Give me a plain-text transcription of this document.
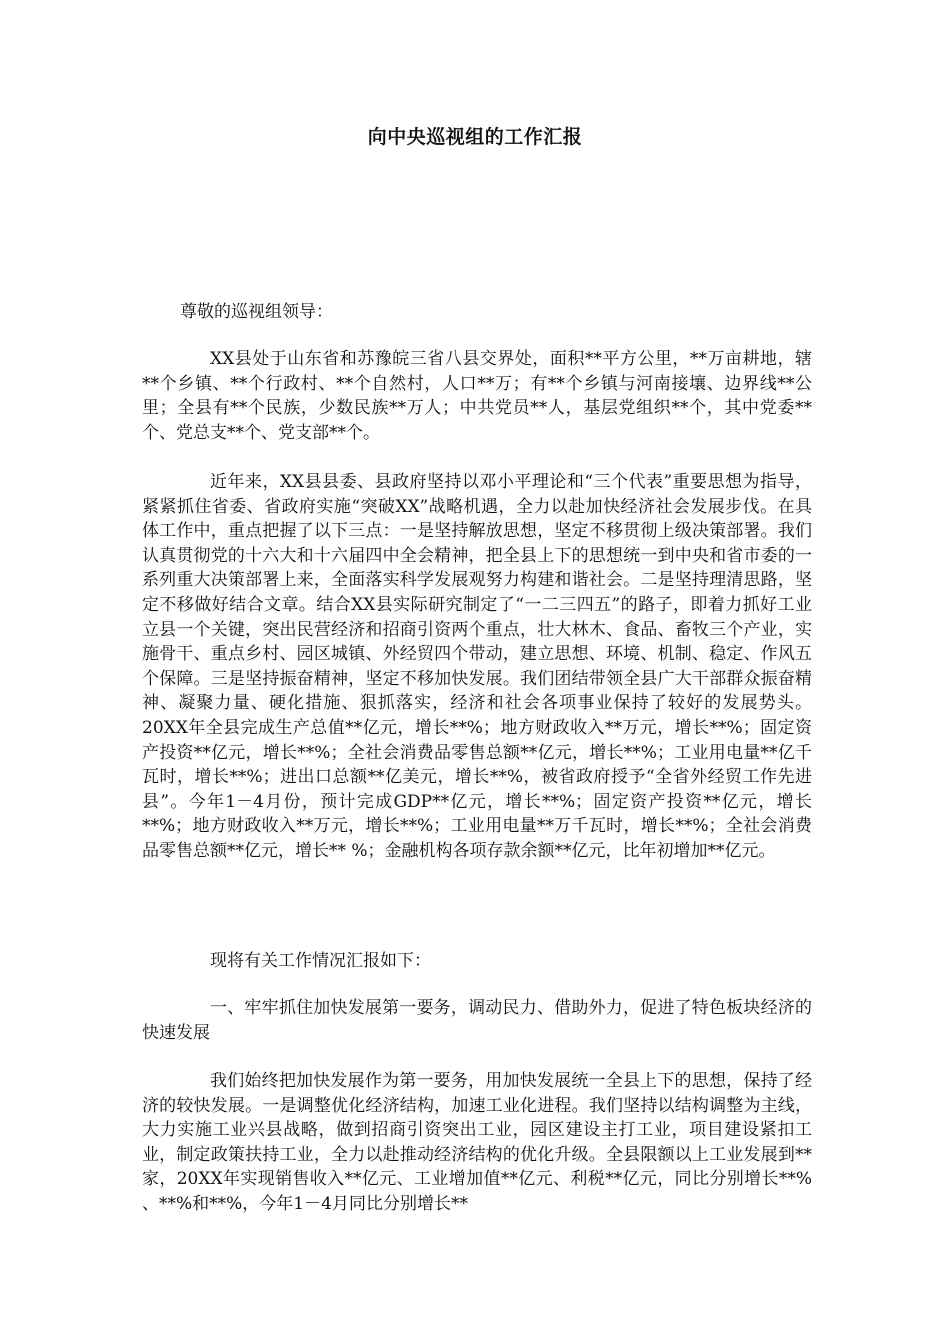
向中央巡视组的工作汇报

尊敬的巡视组领导：

XX县处于山东省和苏豫皖三省八县交界处，面积**平方公里，**万亩耕地，辖**个乡镇、**个行政村、**个自然村，人口**万；有**个乡镇与河南接壤、边界线**公里；全县有**个民族，少数民族**万人；中共党员**人，基层党组织**个，其中党委**个、党总支**个、党支部**个。

近年来，XX县县委、县政府坚持以邓小平理论和“三个代表”重要思想为指导，紧紧抓住省委、省政府实施“突破XX”战略机遇，全力以赴加快经济社会发展步伐。在具体工作中，重点把握了以下三点：一是坚持解放思想，坚定不移贯彻上级决策部署。我们认真贯彻党的十六大和十六届四中全会精神，把全县上下的思想统一到中央和省市委的一系列重大决策部署上来，全面落实科学发展观努力构建和谐社会。二是坚持理清思路，坚定不移做好结合文章。结合XX县实际研究制定了“一二三四五”的路子，即着力抓好工业立县一个关键，突出民营经济和招商引资两个重点，壮大林木、食品、畜牧三个产业，实施骨干、重点乡村、园区城镇、外经贸四个带动，建立思想、环境、机制、稳定、作风五个保障。三是坚持振奋精神，坚定不移加快发展。我们团结带领全县广大干部群众振奋精神、凝聚力量、硬化措施、狠抓落实，经济和社会各项事业保持了较好的发展势头。20XX年全县完成生产总值**亿元，增长**%；地方财政收入**万元，增长**%；固定资产投资**亿元，增长**%；全社会消费品零售总额**亿元，增长**%；工业用电量**亿千瓦时，增长**%；进出口总额**亿美元，增长**%，被省政府授予“全省外经贸工作先进县”。今年1－4月份，预计完成GDP**亿元，增长**%；固定资产投资**亿元，增长**%；地方财政收入**万元，增长**%；工业用电量**万千瓦时，增长**%；全社会消费品零售总额**亿元，增长** %；金融机构各项存款余额**亿元，比年初增加**亿元。

现将有关工作情况汇报如下：

一、牢牢抓住加快发展第一要务，调动民力、借助外力，促进了特色板块经济的快速发展

我们始终把加快发展作为第一要务，用加快发展统一全县上下的思想，保持了经济的较快发展。一是调整优化经济结构，加速工业化进程。我们坚持以结构调整为主线，大力实施工业兴县战略，做到招商引资突出工业，园区建设主打工业，项目建设紧扣工业，制定政策扶持工业，全力以赴推动经济结构的优化升级。全县限额以上工业发展到**家，20XX年实现销售收入**亿元、工业增加值**亿元、利税**亿元，同比分别增长**% 、**%和**%，今年1－4月同比分别增长**
